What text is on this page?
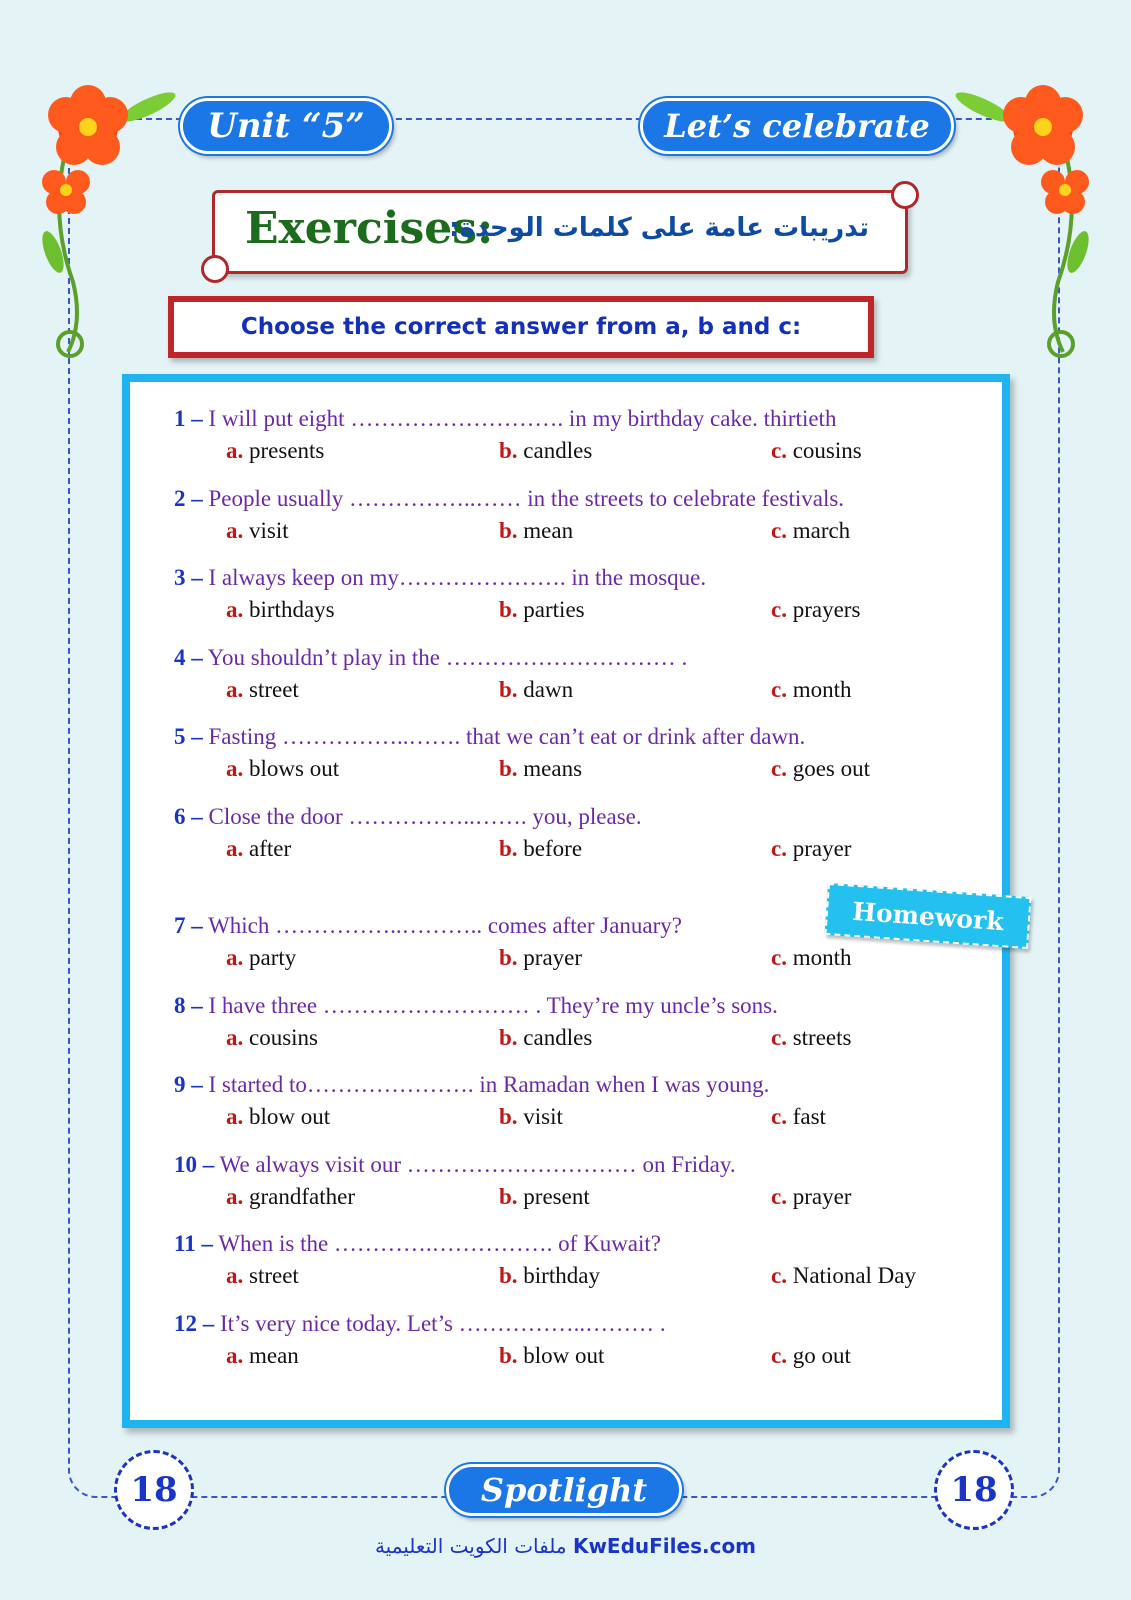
Unit “5”	Let’s celebrate
Exercises:
تدريبات عامة على كلمات الوحدة:
Choose the correct answer from a, b and c:
1 – I will put eight ………………………. in my birthday cake. thirtieth
a. presents	b. candles	c. cousins
2 – People usually ……………..…… in the streets to celebrate festivals.
a. visit	b. mean	c. march
3 – I always keep on my…………………. in the mosque.
a. birthdays	b. parties	c. prayers
4 – You shouldn’t play in the ………………………… .
a. street	b. dawn	c. month
5 – Fasting ……………..……. that we can’t eat or drink after dawn.
a. blows out	b. means	c. goes out
6 – Close the door ……………..……. you, please.
a. after	b. before	c. prayer
7 – Which ……………..……….. comes after January?
a. party	b. prayer	c. month
8 – I have three ……………………… . They’re my uncle’s sons.
a. cousins	b. candles	c. streets
9 – I started to…………………. in Ramadan when I was young.
a. blow out	b. visit	c. fast
10 – We always visit our ………………………… on Friday.
a. grandfather	b. present	c. prayer
11 – When is the ………….……………. of Kuwait?
a. street	b. birthday	c. National Day
12 – It’s very nice today. Let’s ……………..……… .
a. mean	b. blow out	c. go out
Homework
18	Spotlight	18
ملفات الكويت التعليمية KwEduFiles.com
